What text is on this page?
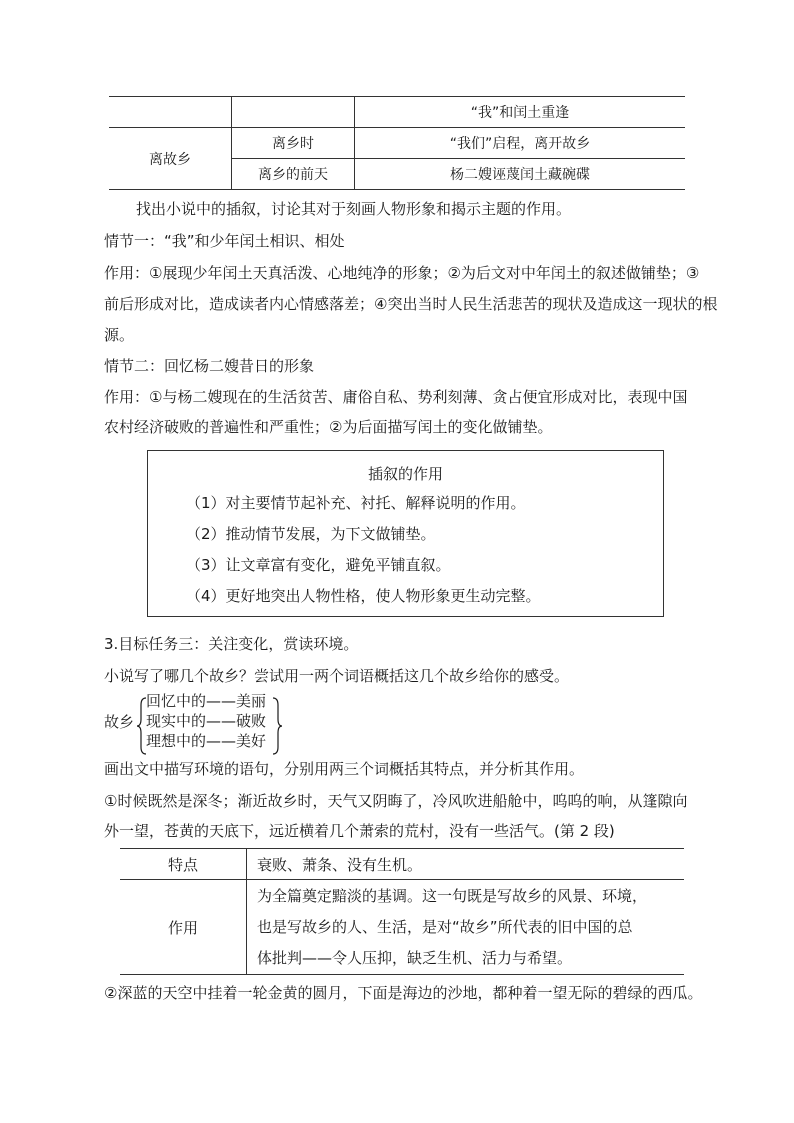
		“我”和闰土重逢
离故乡	离乡时	“我们”启程，离开故乡
	离乡的前天	杨二嫂诬蔑闰土藏碗碟
找出小说中的插叙，讨论其对于刻画人物形象和揭示主题的作用。
情节一：“我”和少年闰土相识、相处
作用：①展现少年闰土天真活泼、心地纯净的形象；②为后文对中年闰土的叙述做铺垫；③
前后形成对比，造成读者内心情感落差；④突出当时人民生活悲苦的现状及造成这一现状的根
源。
情节二：回忆杨二嫂昔日的形象
作用：①与杨二嫂现在的生活贫苦、庸俗自私、势利刻薄、贪占便宜形成对比，表现中国
农村经济破败的普遍性和严重性；②为后面描写闰土的变化做铺垫。
插叙的作用
（1）对主要情节起补充、衬托、解释说明的作用。
（2）推动情节发展，为下文做铺垫。
（3）让文章富有变化，避免平铺直叙。
（4）更好地突出人物性格，使人物形象更生动完整。
3.目标任务三：关注变化，赏读环境。
小说写了哪几个故乡？尝试用一两个词语概括这几个故乡给你的感受。
故乡
回忆中的——美丽
现实中的——破败
理想中的——美好
画出文中描写环境的语句，分别用两三个词概括其特点，并分析其作用。
①时候既然是深冬；渐近故乡时，天气又阴晦了，冷风吹进船舱中，呜呜的响，从篷隙向
外一望，苍黄的天底下，远近横着几个萧索的荒村，没有一些活气。(第 2 段)
特点	衰败、萧条、没有生机。
作用	为全篇奠定黯淡的基调。这一句既是写故乡的风景、环境，
也是写故乡的人、生活，是对“故乡”所代表的旧中国的总
体批判——令人压抑，缺乏生机、活力与希望。
②深蓝的天空中挂着一轮金黄的圆月，下面是海边的沙地，都种着一望无际的碧绿的西瓜。
